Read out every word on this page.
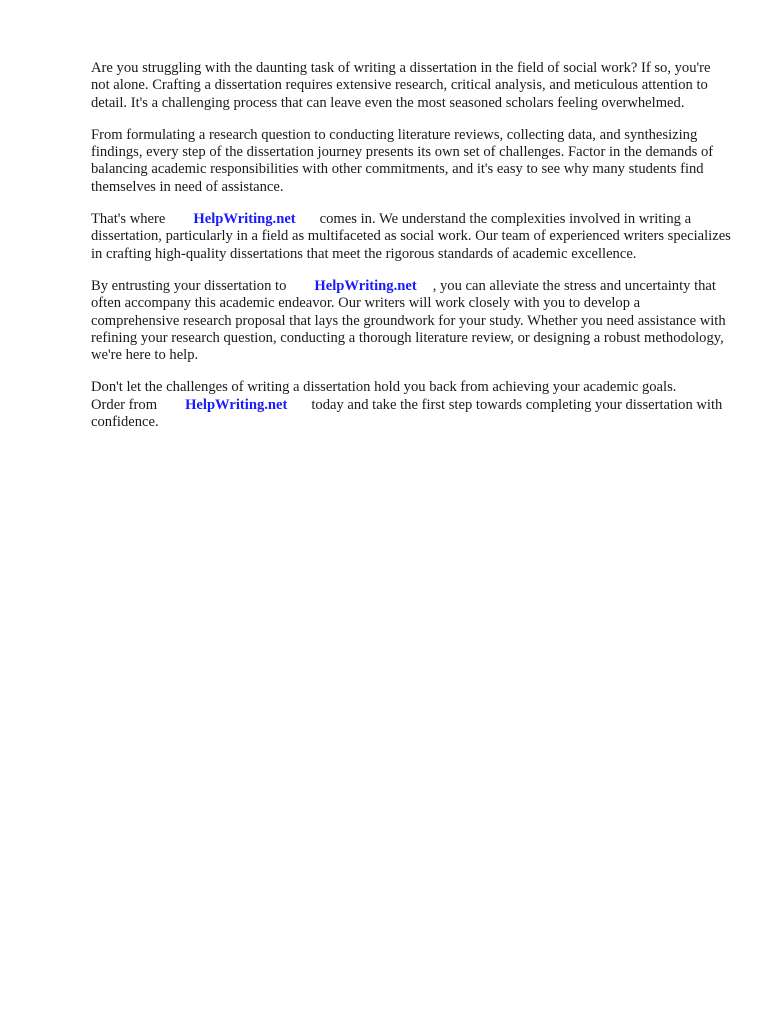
Are you struggling with the daunting task of writing a dissertation in the field of social work? If so, you're not alone. Crafting a dissertation requires extensive research, critical analysis, and meticulous attention to detail. It's a challenging process that can leave even the most seasoned scholars feeling overwhelmed.

From formulating a research question to conducting literature reviews, collecting data, and synthesizing findings, every step of the dissertation journey presents its own set of challenges. Factor in the demands of balancing academic responsibilities with other commitments, and it's easy to see why many students find themselves in need of assistance.

That's where HelpWriting.net comes in. We understand the complexities involved in writing a dissertation, particularly in a field as multifaceted as social work. Our team of experienced writers specializes in crafting high-quality dissertations that meet the rigorous standards of academic excellence.

By entrusting your dissertation to HelpWriting.net , you can alleviate the stress and uncertainty that often accompany this academic endeavor. Our writers will work closely with you to develop a comprehensive research proposal that lays the groundwork for your study. Whether you need assistance with refining your research question, conducting a thorough literature review, or designing a robust methodology, we're here to help.

Don't let the challenges of writing a dissertation hold you back from achieving your academic goals.
Order from HelpWriting.net today and take the first step towards completing your dissertation with confidence.
